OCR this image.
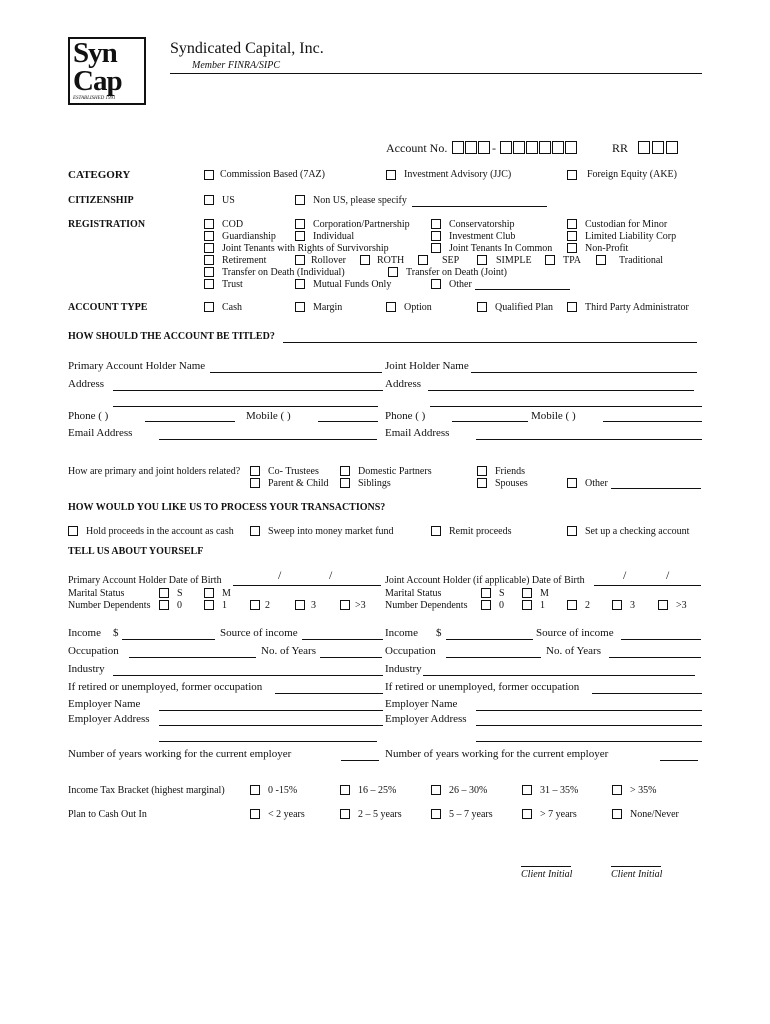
Syn
Cap
ESTABLISHED 1991
Syndicated Capital, Inc.
Member FINRA/SIPC
Account No.	-	RR
CATEGORY	Commission Based (7AZ)	Investment Advisory (JJC)	Foreign Equity (AKE)
CITIZENSHIP	US	Non US, please specify
REGISTRATION	COD	Corporation/Partnership	Conservatorship	Custodian for Minor
Guardianship	Individual	Investment Club	Limited Liability Corp
Joint Tenants with Rights of Survivorship	Joint Tenants In Common	Non-Profit
Retirement	Rollover	ROTH	SEP	SIMPLE	TPA	Traditional
Transfer on Death (Individual)	Transfer on Death (Joint)
Trust	Mutual Funds Only	Other
ACCOUNT TYPE	Cash	Margin	Option	Qualified Plan	Third Party Administrator
HOW SHOULD THE ACCOUNT BE TITLED?
Primary Account Holder Name	Joint Holder Name
Address	Address
Phone ( )	Mobile ( )	Phone ( )	Mobile ( )
Email Address	Email Address
How are primary and joint holders related?	Co- Trustees	Domestic Partners	Friends
Parent & Child	Siblings	Spouses	Other
HOW WOULD YOU LIKE US TO PROCESS YOUR TRANSACTIONS?
Hold proceeds in the account as cash	Sweep into money market fund	Remit proceeds	Set up a checking account
TELL US ABOUT YOURSELF
Primary Account Holder Date of Birth	/	/	Joint Account Holder (if applicable) Date of Birth	/	/
Marital Status	S	M	Marital Status	S	M
Number Dependents	0	1	2	3	>3 Number Dependents	0	1	2	3	>3
Income $	Source of income	Income $	Source of income
Occupation	No. of Years	Occupation	No. of Years
Industry	Industry
If retired or unemployed, former occupation	If retired or unemployed, former occupation
Employer Name	Employer Name
Employer Address	Employer Address
Number of years working for the current employer	Number of years working for the current employer
Income Tax Bracket (highest marginal)	0 -15%	16 – 25%	26 – 30%	31 – 35%	> 35%
Plan to Cash Out In	< 2 years	2 – 5 years	5 – 7 years	> 7 years	None/Never
Client Initial	Client Initial
